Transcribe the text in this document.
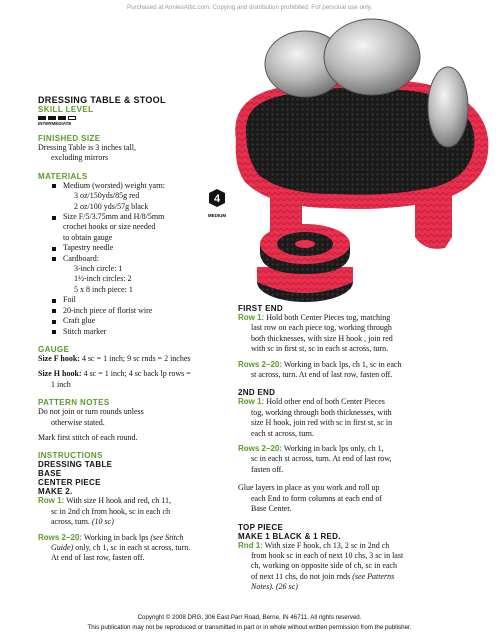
Purchased at AnniesAttic.com. Copying and distribution prohibited. For personal use only.
4
MEDIUM
DRESSING TABLE & STOOL
SKILL LEVEL
INTERMEDIATE
FINISHED SIZE
Dressing Table is 3 inches tall,
excluding mirrors
MATERIALS
Medium (worsted) weight yarn:
3 oz/150yds/85g red
2 oz/100 yds/57g black
Size F/5/3.75mm and H/8/5mm
crochet hooks or size needed
to obtain gauge
Tapestry needle
Cardboard:
3-inch circle: 1
1½-inch circles: 2
5 x 8 inch piece: 1
Foil
20-inch piece of florist wire
Craft glue
Stitch marker
GAUGE
Size F hook: 4 sc = 1 inch; 9 sc rnds = 2 inches
Size H hook: 4 sc = 1 inch; 4 sc back lp rows =
1 inch
PATTERN NOTES
Do not join or turn rounds unless
otherwise stated.
Mark first stitch of each round.
INSTRUCTIONS
DRESSING TABLE
BASE
CENTER PIECE
MAKE 2.
Row 1: With size H hook and red, ch 11,
sc in 2nd ch from hook, sc in each ch
across, turn. (10 sc)
Rows 2–20: Working in back lps (see Stitch
Guide) only, ch 1, sc in each st across, turn.
At end of last row, fasten off.
FIRST END
Row 1: Hold both Center Pieces tog, matching
last row on each piece tog, working through
both thicknesses, with size H hook , join red
with sc in first st, sc in each st across, turn.
Rows 2–20: Working in back lps, ch 1, sc in each
st across, turn. At end of last row, fasten off.
2ND END
Row 1: Hold other end of both Center Pieces
tog, working through both thicknesses, with
size H hook, join red with sc in first st, sc in
each st across, turn.
Rows 2–20: Working in back lps only, ch 1,
sc in each st across, turn. At end of last row,
fasten off.
Glue layers in place as you work and roll up
each End to form columns at each end of
Base Center.
TOP PIECE
MAKE 1 BLACK & 1 RED.
Rnd 1: With size F hook, ch 13, 2 sc in 2nd ch
from hook sc in each of next 10 chs, 3 sc in last
ch, working on opposite side of ch, sc in each
of next 11 chs, do not join rnds (see Patterns
Notes). (26 sc)
Copyright © 2008 DRG, 306 East Parr Road, Berne, IN 46711. All rights reserved.
This publication may not be reproduced or transmitted in part or in whole without written permission from the publisher.
